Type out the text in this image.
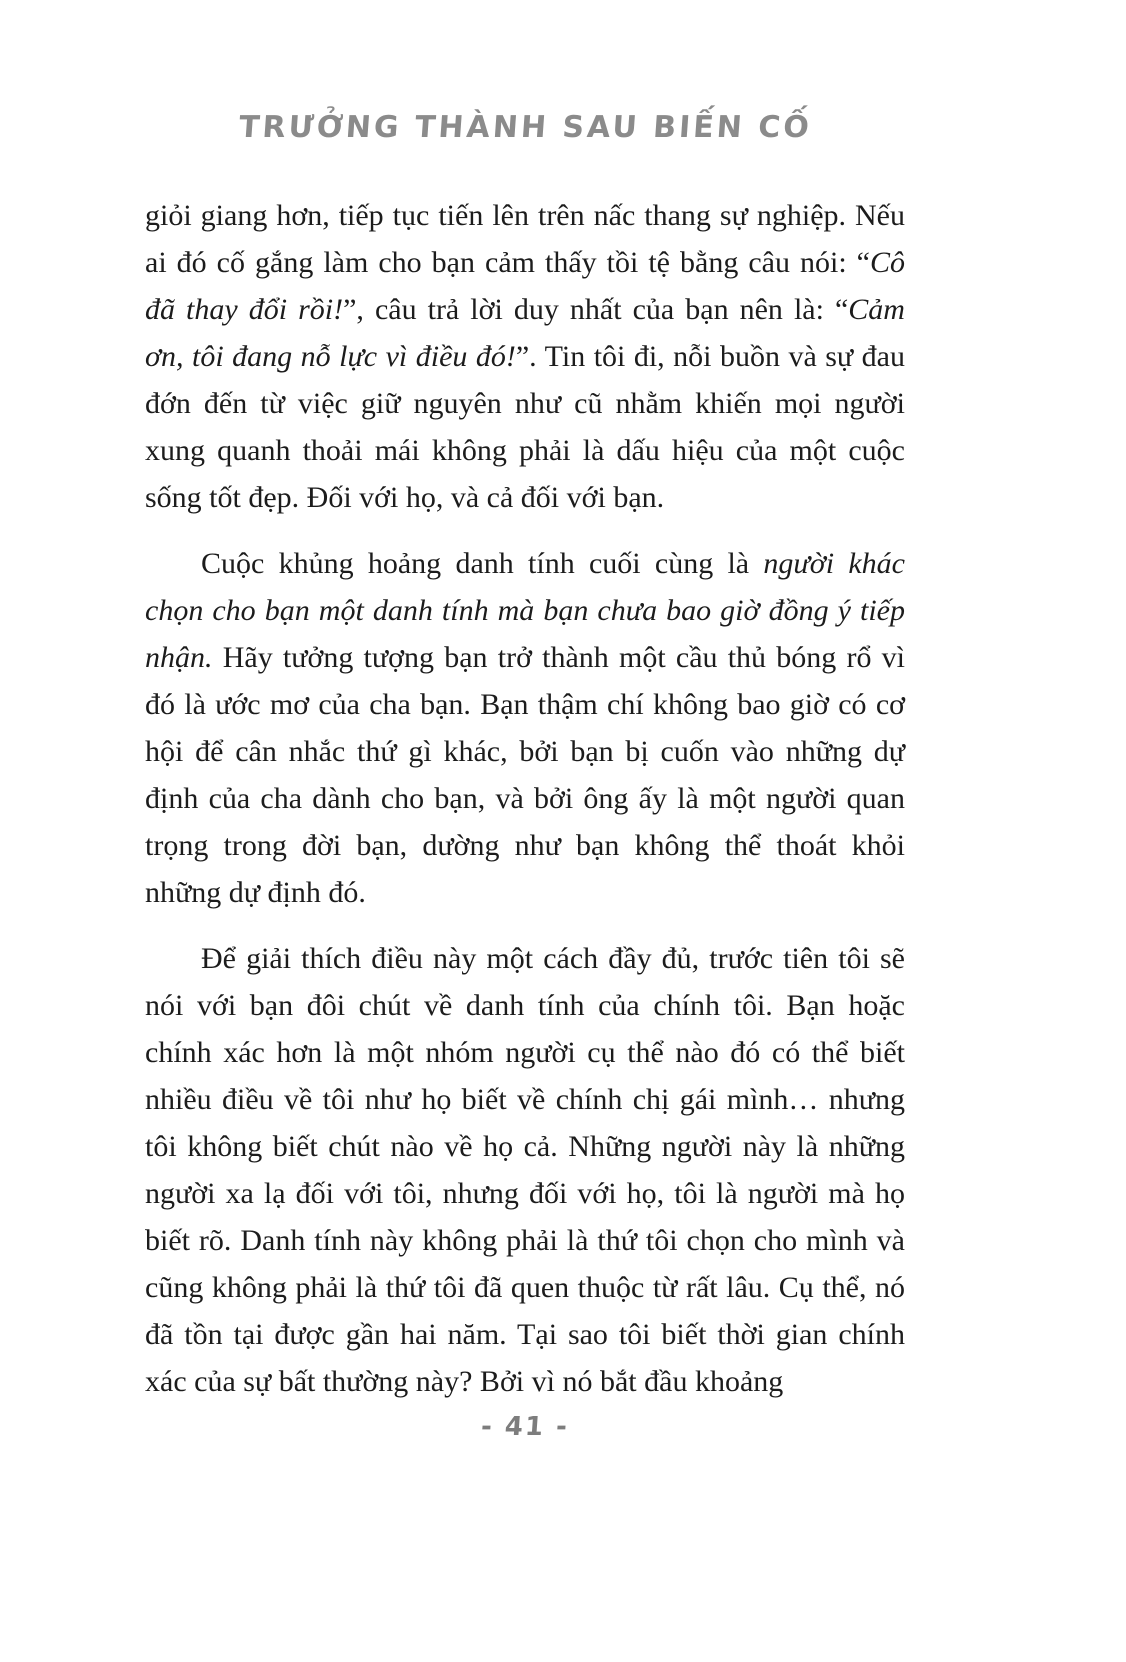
TRƯỞNG THÀNH SAU BIẾN CỐ

giỏi giang hơn, tiếp tục tiến lên trên nấc thang sự nghiệp. Nếu ai đó cố gắng làm cho bạn cảm thấy tồi tệ bằng câu nói: “Cô đã thay đổi rồi!”, câu trả lời duy nhất của bạn nên là: “Cảm ơn, tôi đang nỗ lực vì điều đó!”. Tin tôi đi, nỗi buồn và sự đau đớn đến từ việc giữ nguyên như cũ nhằm khiến mọi người xung quanh thoải mái không phải là dấu hiệu của một cuộc sống tốt đẹp. Đối với họ, và cả đối với bạn.

Cuộc khủng hoảng danh tính cuối cùng là người khác chọn cho bạn một danh tính mà bạn chưa bao giờ đồng ý tiếp nhận. Hãy tưởng tượng bạn trở thành một cầu thủ bóng rổ vì đó là ước mơ của cha bạn. Bạn thậm chí không bao giờ có cơ hội để cân nhắc thứ gì khác, bởi bạn bị cuốn vào những dự định của cha dành cho bạn, và bởi ông ấy là một người quan trọng trong đời bạn, dường như bạn không thể thoát khỏi những dự định đó.

Để giải thích điều này một cách đầy đủ, trước tiên tôi sẽ nói với bạn đôi chút về danh tính của chính tôi. Bạn hoặc chính xác hơn là một nhóm người cụ thể nào đó có thể biết nhiều điều về tôi như họ biết về chính chị gái mình… nhưng tôi không biết chút nào về họ cả. Những người này là những người xa lạ đối với tôi, nhưng đối với họ, tôi là người mà họ biết rõ. Danh tính này không phải là thứ tôi chọn cho mình và cũng không phải là thứ tôi đã quen thuộc từ rất lâu. Cụ thể, nó đã tồn tại được gần hai năm. Tại sao tôi biết thời gian chính xác của sự bất thường này? Bởi vì nó bắt đầu khoảng

- 41 -
